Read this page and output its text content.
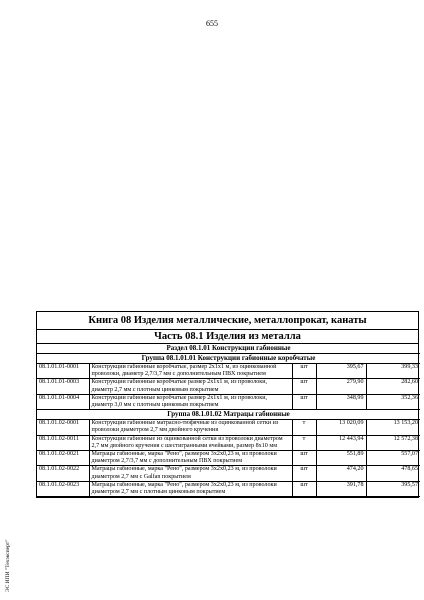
655
ЭС ИПИ "Техэксперт"
Книга 08 Изделия металлические, металлопрокат, канаты
Часть 08.1 Изделия из металла
Раздел 08.1.01 Конструкции габионные				
Группа 08.1.01.01 Конструкции габионные коробчатые				
08.1.01.01-0001	Конструкции габионные коробчатые, размер 2х1х1 м, из оцинкованной проволоки, диаметр 2,7/3,7 мм с дополнительным ПВХ покрытием	шт	395,67	399,33
08.1.01.01-0003	Конструкции габионные коробчатые размер 2х1х1 м, из проволоки, диаметр 2,7 мм с плотным цинковым покрытием	шт	279,90	282,60
08.1.01.01-0004	Конструкции габионные коробчатые размер 2х1х1 м, из проволоки, диаметр 3,0 мм с плотным цинковым покрытием	шт	348,99	352,36
Группа 08.1.01.02 Матрацы габионные				
08.1.01.02-0001	Конструкции габионные матрасно-тюфячные из оцинкованной сетки из проволоки диаметром 2,7 мм двойного кручения	т	13 020,09	13 153,20
08.1.01.02-0011	Конструкции габионные из оцинкованной сетки из проволоки диаметром 2,7 мм двойного кручения с шестигранными ячейками, размер 8х10 мм	т	12 443,94	12 572,38
08.1.01.02-0021	Матрацы габионные, марка "Рено", размером 3х2х0,23 м, из проволоки диаметром 2,7/3,7 мм с дополнительным ПВХ покрытием	шт	551,89	557,07
08.1.01.02-0022	Матрацы габионные, марка "Рено", размером 3х2х0,23 м, из проволоки диаметром 2,7 мм с Galfan покрытием	шт	474,20	478,65
08.1.01.02-0023	Матрацы габионные, марка "Рено", размером 3х2х0,23 м, из проволоки диаметром 2,7 мм с плотным цинковым покрытием	шт	391,78	395,57
